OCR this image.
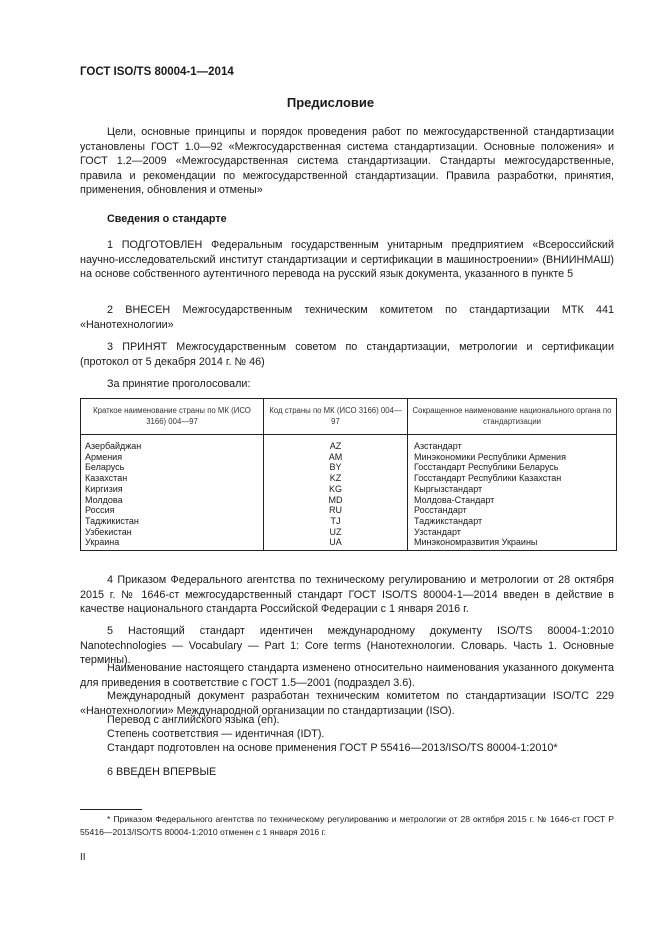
ГОСТ ISO/TS 80004-1—2014
Предисловие
Цели, основные принципы и порядок проведения работ по межгосударственной стандартизации установлены ГОСТ 1.0—92 «Межгосударственная система стандартизации. Основные положения» и ГОСТ 1.2—2009 «Межгосударственная система стандартизации. Стандарты межгосударственные, правила и рекомендации по межгосударственной стандартизации. Правила разработки, принятия, применения, обновления и отмены»
Сведения о стандарте
1 ПОДГОТОВЛЕН Федеральным государственным унитарным предприятием «Всероссийский научно-исследовательский институт стандартизации и сертификации в машиностроении» (ВНИИНМАШ) на основе собственного аутентичного перевода на русский язык документа, указанного в пункте 5
2 ВНЕСЕН Межгосударственным техническим комитетом по стандартизации МТК 441 «Нанотехнологии»
3 ПРИНЯТ Межгосударственным советом по стандартизации, метрологии и сертификации (протокол от 5 декабря 2014 г. № 46)
За принятие проголосовали:
Краткое наименование страны по МК (ИСО 3166) 004—97	Код страны по МК (ИСО 3166) 004—97	Сокращенное наименование национального органа по стандартизации
Азербайджан	AZ	Азстандарт
Армения	AM	Минэкономики Республики Армения
Беларусь	BY	Госстандарт Республики Беларусь
Казахстан	KZ	Госстандарт Республики Казахстан
Киргизия	KG	Кыргызстандарт
Молдова	MD	Молдова-Стандарт
Россия	RU	Росстандарт
Таджикистан	TJ	Таджикстандарт
Узбекистан	UZ	Узстандарт
Украина	UA	Минэкономразвития Украины
4 Приказом Федерального агентства по техническому регулированию и метрологии от 28 октября 2015 г. № 1646-ст межгосударственный стандарт ГОСТ ISO/TS 80004-1—2014 введен в действие в качестве национального стандарта Российской Федерации с 1 января 2016 г.
5 Настоящий стандарт идентичен международному документу ISO/TS 80004-1:2010 Nanotechnologies — Vocabulary — Part 1: Core terms (Нанотехнологии. Словарь. Часть 1. Основные термины).
Наименование настоящего стандарта изменено относительно наименования указанного документа для приведения в соответствие с ГОСТ 1.5—2001 (подраздел 3.6).
Международный документ разработан техническим комитетом по стандартизации ISO/TC 229 «Нанотехнологии» Международной организации по стандартизации (ISO).
Перевод с английского языка (en).
Степень соответствия — идентичная (IDT).
Стандарт подготовлен на основе применения ГОСТ Р 55416—2013/ISO/TS 80004-1:2010*
6 ВВЕДЕН ВПЕРВЫЕ
* Приказом Федерального агентства по техническому регулированию и метрологии от 28 октября 2015 г. № 1646-ст ГОСТ Р 55416—2013/ISO/TS 80004-1:2010 отменен с 1 января 2016 г.
II
